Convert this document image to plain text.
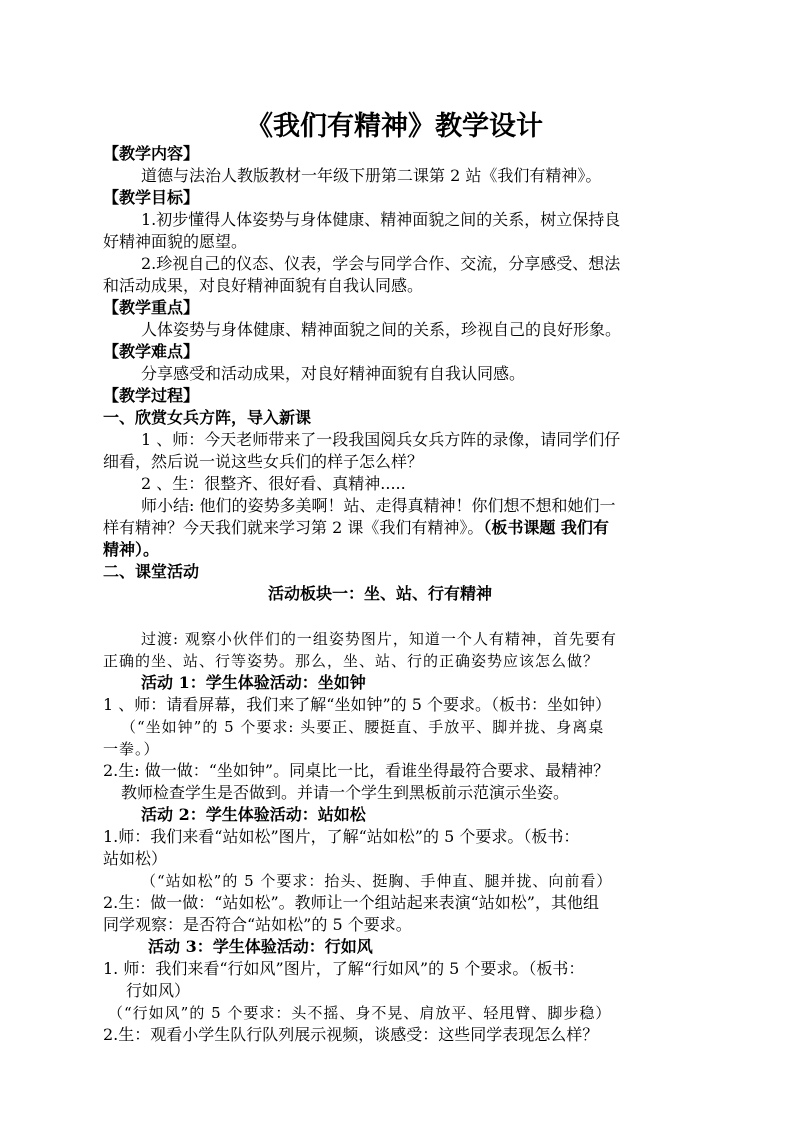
《我们有精神》教学设计
【教学内容】
道德与法治人教版教材一年级下册第二课第 2 站《我们有精神》。
【教学目标】
1.初步懂得人体姿势与身体健康、精神面貌之间的关系，树立保持良
好精神面貌的愿望。
2.珍视自己的仪态、仪表，学会与同学合作、交流，分享感受、想法
和活动成果，对良好精神面貌有自我认同感。
【教学重点】
人体姿势与身体健康、精神面貌之间的关系，珍视自己的良好形象。
【教学难点】
分享感受和活动成果，对良好精神面貌有自我认同感。
【教学过程】
一、欣赏女兵方阵，导入新课
1 、师：今天老师带来了一段我国阅兵女兵方阵的录像，请同学们仔
细看，然后说一说这些女兵们的样子怎么样？
2 、生：很整齐、很好看、真精神.....
师小结: 他们的姿势多美啊！站、走得真精神！你们想不想和她们一
样有精神？今天我们就来学习第 2 课《我们有精神》。（板书课题 我们有
精神）。
二、课堂活动
活动板块一：坐、站、行有精神
过渡: 观察小伙伴们的一组姿势图片，知道一个人有精神，首先要有
正确的坐、站、行等姿势。那么，坐、站、行的正确姿势应该怎么做？
活动 1：学生体验活动：坐如钟
1 、师：请看屏幕，我们来了解“坐如钟”的 5 个要求。（板书：坐如钟）
（“坐如钟”的 5 个要求: 头要正、腰挺直、手放平、脚并拢、身离桌
一拳。）
2.生: 做一做：“坐如钟”。同桌比一比，看谁坐得最符合要求、最精神？
教师检查学生是否做到。并请一个学生到黑板前示范演示坐姿。
活动 2：学生体验活动：站如松
1.师：我们来看“站如松”图片，了解“站如松”的 5 个要求。（板书：
站如松）
（“站如松”的 5 个要求：抬头、挺胸、手伸直、腿并拢、向前看）
2.生：做一做：“站如松”。教师让一个组站起来表演“站如松”，其他组
同学观察：是否符合“站如松”的 5 个要求。
活动 3：学生体验活动：行如风
1. 师：我们来看“行如风”图片，了解“行如风”的 5 个要求。（板书：
行如风）
（“行如风”的 5 个要求：头不摇、身不晃、肩放平、轻甩臂、脚步稳）
2.生：观看小学生队行队列展示视频，谈感受：这些同学表现怎么样？
